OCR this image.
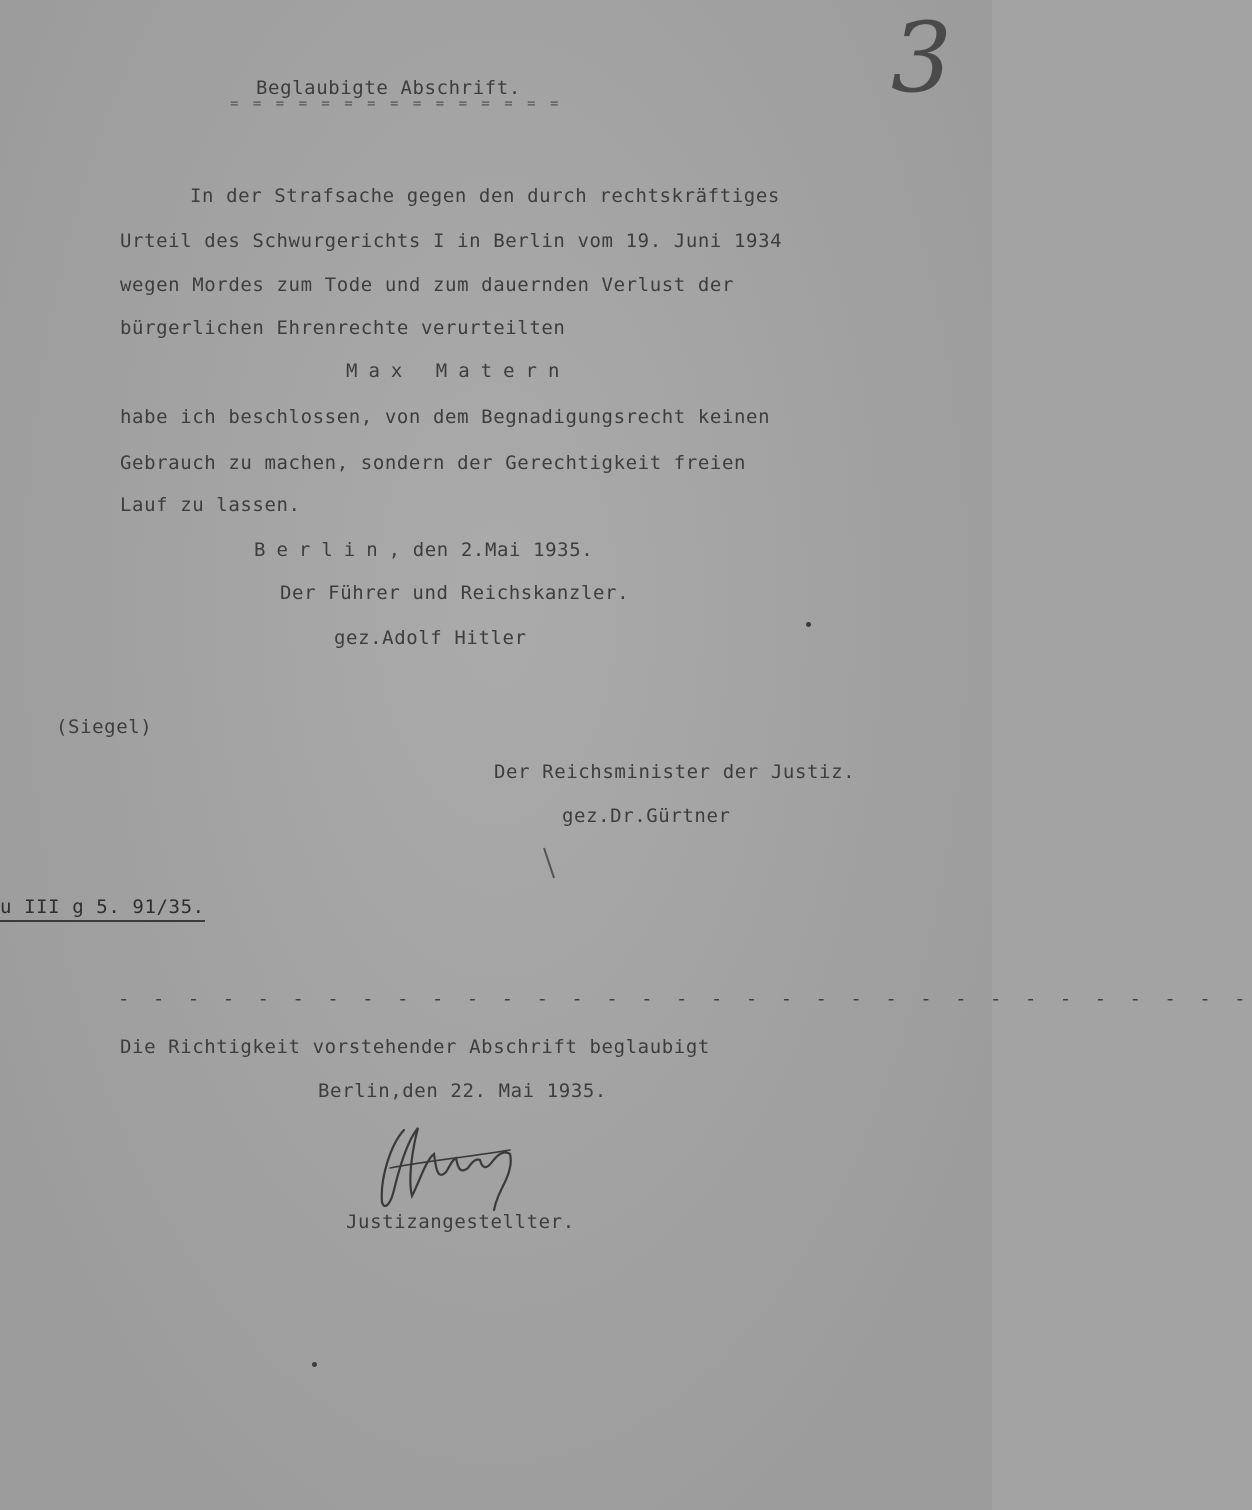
3
Beglaubigte Abschrift.
= = = = = = = = = = = = = = =
In der Strafsache gegen den durch rechtskräftiges
Urteil des Schwurgerichts I in Berlin vom 19. Juni 1934
wegen Mordes zum Tode und zum dauernden Verlust der
bürgerlichen Ehrenrechte verurteilten
Max Matern
habe ich beschlossen, von dem Begnadigungsrecht keinen
Gebrauch zu machen, sondern der Gerechtigkeit freien
Lauf zu lassen.
Berlin, den 2.Mai 1935.
Der Führer und Reichskanzler.
gez.Adolf Hitler
(Siegel)
Der Reichsminister der Justiz.
gez.Dr.Gürtner
u III g 5. 91/35.
- - - - - - - - - - - - - - - - - - - - - - - - - - - - - - - - -
Die Richtigkeit vorstehender Abschrift beglaubigt
Berlin,den 22. Mai 1935.
Justizangestellter.
